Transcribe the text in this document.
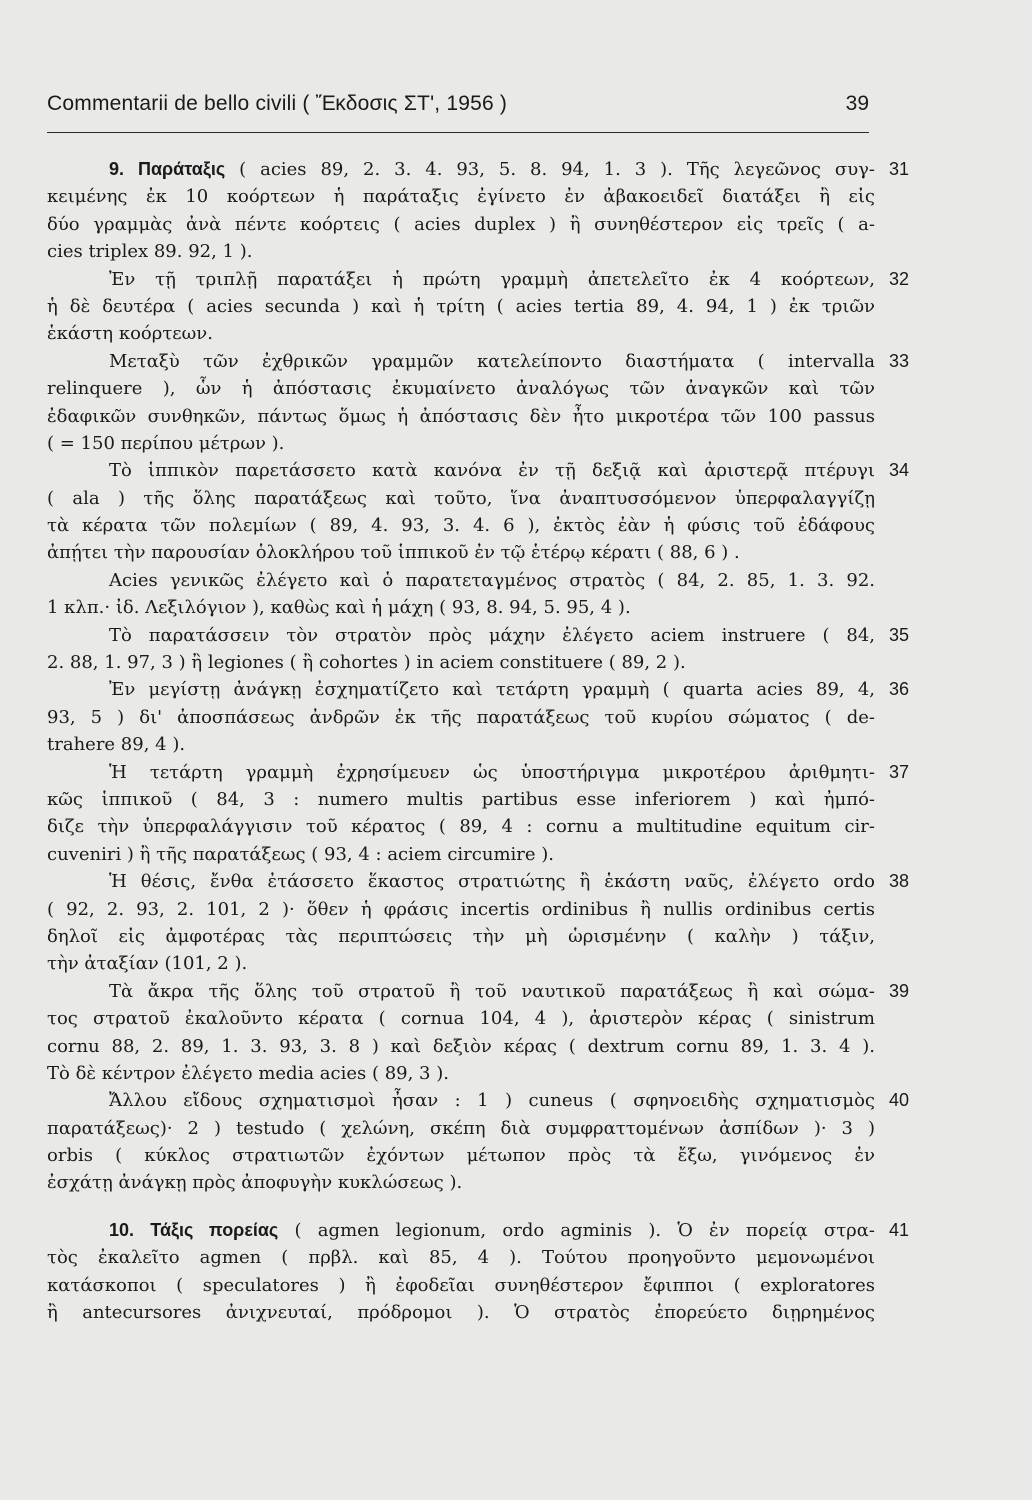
Commentarii de bello civili ( Ἔκδοσις ΣΤ', 1956 )	39
9. Παράταξις ( acies 89, 2. 3. 4. 93, 5. 8. 94, 1. 3 ). Τῆς λεγεῶνος συγ-
κειμένης ἐκ 10 κοόρτεων ἡ παράταξις ἐγίνετο ἐν ἀβακοειδεῖ διατάξει ἢ εἰς
δύο γραμμὰς ἀνὰ πέντε κοόρτεις ( acies duplex ) ἢ συνηθέστερον εἰς τρεῖς ( a-
cies triplex 89. 92, 1 ).
31
Ἐν τῇ τριπλῇ παρατάξει ἡ πρώτη γραμμὴ ἀπετελεῖτο ἐκ 4 κοόρτεων,
ἡ δὲ δευτέρα ( acies secunda ) καὶ ἡ τρίτη ( acies tertia 89, 4. 94, 1 ) ἐκ τριῶν
ἑκάστη κοόρτεων.
32
Μεταξὺ τῶν ἐχθρικῶν γραμμῶν κατελείποντο διαστήματα ( intervalla
relinquere ), ὧν ἡ ἀπόστασις ἐκυμαίνετο ἀναλόγως τῶν ἀναγκῶν καὶ τῶν
ἐδαφικῶν συνθηκῶν, πάντως ὅμως ἡ ἀπόστασις δὲν ἦτο μικροτέρα τῶν 100 passus
( = 150 περίπου μέτρων ).
33
Τὸ ἱππικὸν παρετάσσετο κατὰ κανόνα ἐν τῇ δεξιᾷ καὶ ἀριστερᾷ πτέρυγι
( ala ) τῆς ὅλης παρατάξεως καὶ τοῦτο, ἵνα ἀναπτυσσόμενον ὑπερφαλαγγίζῃ
τὰ κέρατα τῶν πολεμίων ( 89, 4. 93, 3. 4. 6 ), ἐκτὸς ἐὰν ἡ φύσις τοῦ ἐδάφους
ἀπῄτει τὴν παρουσίαν ὁλοκλήρου τοῦ ἱππικοῦ ἐν τῷ ἑτέρῳ κέρατι ( 88, 6 ) .
34
Acies γενικῶς ἐλέγετο καὶ ὁ παρατεταγμένος στρατὸς ( 84, 2. 85, 1. 3. 92.
1 κλπ.· ἰδ. Λεξιλόγιον ), καθὼς καὶ ἡ μάχη ( 93, 8. 94, 5. 95, 4 ).
Τὸ παρατάσσειν τὸν στρατὸν πρὸς μάχην ἐλέγετο aciem instruere ( 84,
2. 88, 1. 97, 3 ) ἢ legiones ( ἢ cohortes ) in aciem constituere ( 89, 2 ).
35
Ἐν μεγίστῃ ἀνάγκῃ ἐσχηματίζετο καὶ τετάρτη γραμμὴ ( quarta acies 89, 4,
93, 5 ) δι' ἀποσπάσεως ἀνδρῶν ἐκ τῆς παρατάξεως τοῦ κυρίου σώματος ( de-
trahere 89, 4 ).
36
Ἡ τετάρτη γραμμὴ ἐχρησίμευεν ὡς ὑποστήριγμα μικροτέρου ἀριθμητι-
κῶς ἱππικοῦ ( 84, 3 : numero multis partibus esse inferiorem ) καὶ ἠμπό-
διζε τὴν ὑπερφαλάγγισιν τοῦ κέρατος ( 89, 4 : cornu a multitudine equitum cir-
cuveniri ) ἢ τῆς παρατάξεως ( 93, 4 : aciem circumire ).
37
Ἡ θέσις, ἔνθα ἐτάσσετο ἕκαστος στρατιώτης ἢ ἑκάστη ναῦς, ἐλέγετο ordo
( 92, 2. 93, 2. 101, 2 )· ὅθεν ἡ φράσις incertis ordinibus ἢ nullis ordinibus certis
δηλοῖ εἰς ἀμφοτέρας τὰς περιπτώσεις τὴν μὴ ὡρισμένην ( καλὴν ) τάξιν,
τὴν ἀταξίαν (101, 2 ).
38
Τὰ ἄκρα τῆς ὅλης τοῦ στρατοῦ ἢ τοῦ ναυτικοῦ παρατάξεως ἢ καὶ σώμα-
τος στρατοῦ ἐκαλοῦντο κέρατα ( cornua 104, 4 ), ἀριστερὸν κέρας ( sinistrum
cornu 88, 2. 89, 1. 3. 93, 3. 8 ) καὶ δεξιὸν κέρας ( dextrum cornu 89, 1. 3. 4 ).
Τὸ δὲ κέντρον ἐλέγετο media acies ( 89, 3 ).
39
Ἄλλου εἴδους σχηματισμοὶ ἦσαν : 1 ) cuneus ( σφηνοειδὴς σχηματισμὸς
παρατάξεως)· 2 ) testudo ( χελώνη, σκέπη διὰ συμφραττομένων ἀσπίδων )· 3 )
orbis ( κύκλος στρατιωτῶν ἐχόντων μέτωπον πρὸς τὰ ἔξω, γινόμενος ἐν
ἐσχάτῃ ἀνάγκῃ πρὸς ἀποφυγὴν κυκλώσεως ).
40
10. Τάξις πορείας ( agmen legionum, ordo agminis ). Ὁ ἐν πορείᾳ στρα-
τὸς ἐκαλεῖτο agmen ( πρβλ. καὶ 85, 4 ). Τούτου προηγοῦντο μεμονωμένοι
κατάσκοποι ( speculatores ) ἢ ἐφοδεῖαι συνηθέστερον ἔφιπποι ( exploratores
ἢ antecursores ἀνιχνευταί, πρόδρομοι ). Ὁ στρατὸς ἐπορεύετο διῃρημένος
41
